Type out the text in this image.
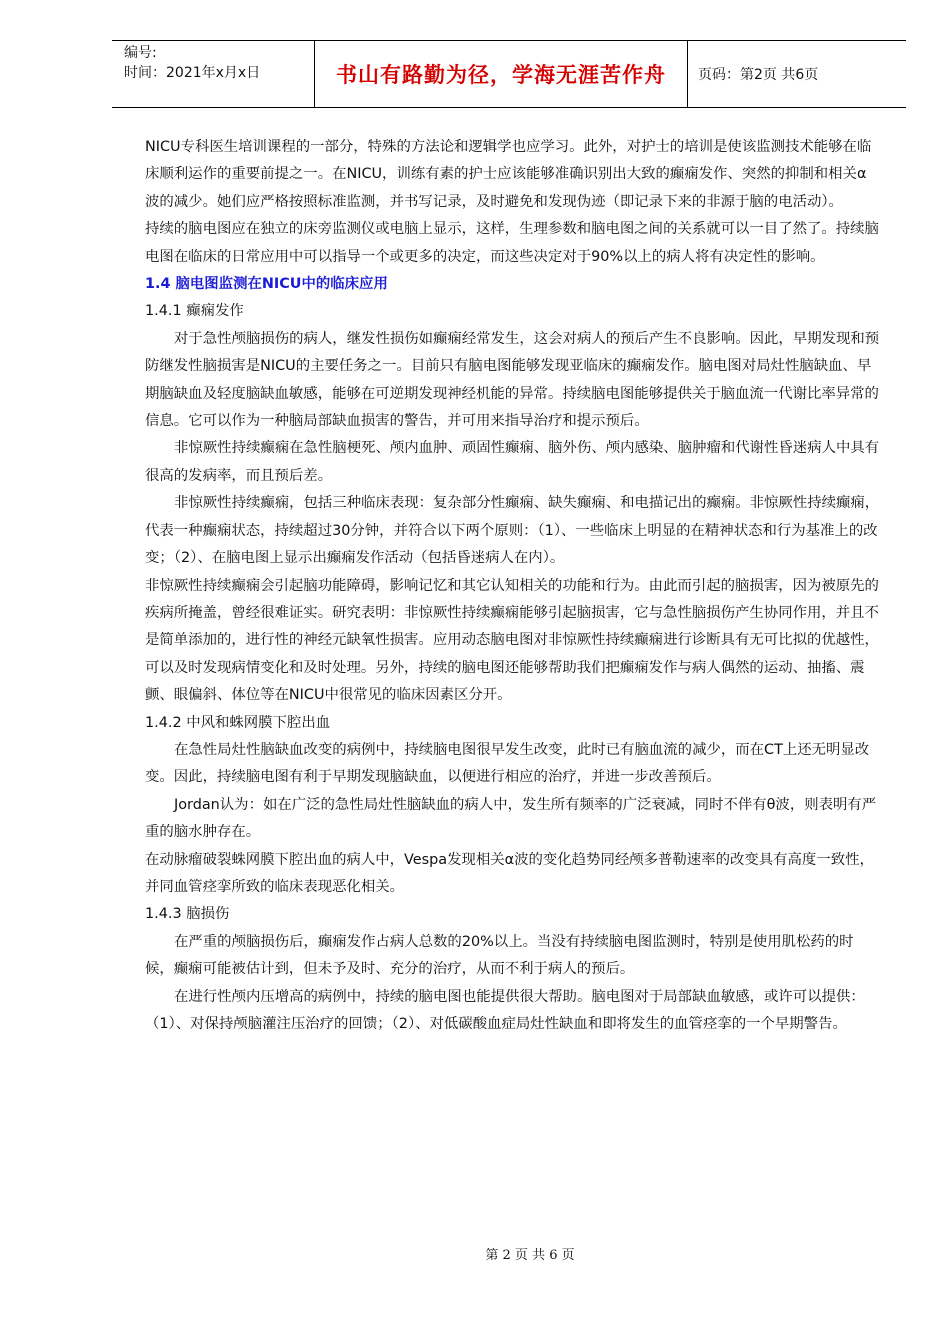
编号:
时间：2021年x月x日	书山有路勤为径，学海无涯苦作舟	页码：第2页 共6页

NICU专科医生培训课程的一部分，特殊的方法论和逻辑学也应学习。此外，对护士的培训是使该监测技术能够在临床顺利运作的重要前提之一。在NICU，训练有素的护士应该能够准确识别出大致的癫痫发作、突然的抑制和相关α波的减少。她们应严格按照标准监测，并书写记录，及时避免和发现伪迹（即记录下来的非源于脑的电活动）。

持续的脑电图应在独立的床旁监测仪或电脑上显示，这样，生理参数和脑电图之间的关系就可以一目了然了。持续脑电图在临床的日常应用中可以指导一个或更多的决定，而这些决定对于90%以上的病人将有决定性的影响。

1.4 脑电图监测在NICU中的临床应用

1.4.1 癫痫发作

对于急性颅脑损伤的病人，继发性损伤如癫痫经常发生，这会对病人的预后产生不良影响。因此，早期发现和预防继发性脑损害是NICU的主要任务之一。目前只有脑电图能够发现亚临床的癫痫发作。脑电图对局灶性脑缺血、早期脑缺血及轻度脑缺血敏感，能够在可逆期发现神经机能的异常。持续脑电图能够提供关于脑血流一代谢比率异常的信息。它可以作为一种脑局部缺血损害的警告，并可用来指导治疗和提示预后。

非惊厥性持续癫痫在急性脑梗死、颅内血肿、顽固性癫痫、脑外伤、颅内感染、脑肿瘤和代谢性昏迷病人中具有很高的发病率，而且预后差。

非惊厥性持续癫痫，包括三种临床表现：复杂部分性癫痫、缺失癫痫、和电描记出的癫痫。非惊厥性持续癫痫，代表一种癫痫状态，持续超过30分钟，并符合以下两个原则：（1）、一些临床上明显的在精神状态和行为基准上的改变；（2）、在脑电图上显示出癫痫发作活动（包括昏迷病人在内）。

非惊厥性持续癫痫会引起脑功能障碍，影响记忆和其它认知相关的功能和行为。由此而引起的脑损害，因为被原先的疾病所掩盖，曾经很难证实。研究表明：非惊厥性持续癫痫能够引起脑损害，它与急性脑损伤产生协同作用，并且不是简单添加的，进行性的神经元缺氧性损害。应用动态脑电图对非惊厥性持续癫痫进行诊断具有无可比拟的优越性，可以及时发现病情变化和及时处理。另外，持续的脑电图还能够帮助我们把癫痫发作与病人偶然的运动、抽搐、震颤、眼偏斜、体位等在NICU中很常见的临床因素区分开。

1.4.2 中风和蛛网膜下腔出血

在急性局灶性脑缺血改变的病例中，持续脑电图很早发生改变，此时已有脑血流的减少，而在CT上还无明显改变。因此，持续脑电图有利于早期发现脑缺血，以便进行相应的治疗，并进一步改善预后。

Jordan认为：如在广泛的急性局灶性脑缺血的病人中，发生所有频率的广泛衰减，同时不伴有θ波，则表明有严重的脑水肿存在。

在动脉瘤破裂蛛网膜下腔出血的病人中，Vespa发现相关α波的变化趋势同经颅多普勒速率的改变具有高度一致性，并同血管痉挛所致的临床表现恶化相关。

1.4.3 脑损伤

在严重的颅脑损伤后，癫痫发作占病人总数的20%以上。当没有持续脑电图监测时，特别是使用肌松药的时候，癫痫可能被估计到，但未予及时、充分的治疗，从而不利于病人的预后。

在进行性颅内压增高的病例中，持续的脑电图也能提供很大帮助。脑电图对于局部缺血敏感，或许可以提供：（1）、对保持颅脑灌注压治疗的回馈；（2）、对低碳酸血症局灶性缺血和即将发生的血管痉挛的一个早期警告。

第 2 页 共 6 页
